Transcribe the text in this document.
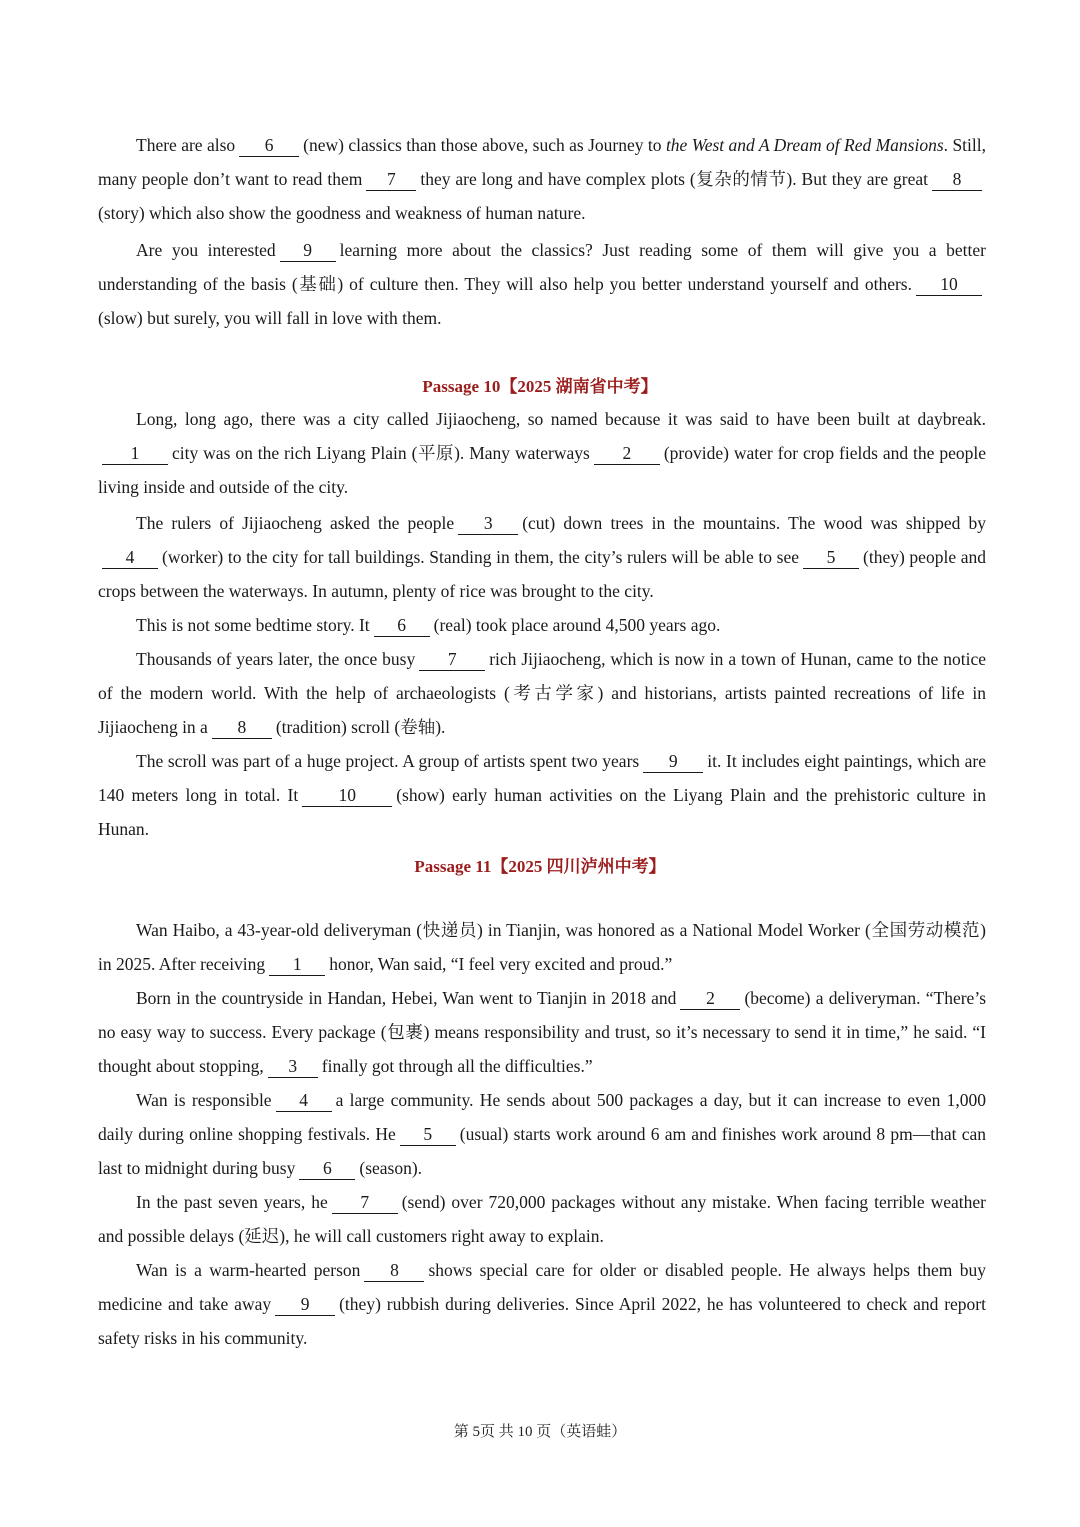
There are also 6 (new) classics than those above, such as Journey to the West and A Dream of Red Mansions. Still, many people don’t want to read them 7 they are long and have complex plots (复杂的情节). But they are great 8(story) which also show the goodness and weakness of human nature.

Are you interested 9 learning more about the classics? Just reading some of them will give you a better understanding of the basis (基础) of culture then. They will also help you better understand yourself and others. 10(slow) but surely, you will fall in love with them.

Passage 10【2025 湖南省中考】

Long, long ago, there was a city called Jijiaocheng, so named because it was said to have been built at daybreak.1 city was on the rich Liyang Plain (平原). Many waterways 2 (provide) water for crop fields and the people living inside and outside of the city.

The rulers of Jijiaocheng asked the people 3 (cut) down trees in the mountains. The wood was shipped by4 (worker) to the city for tall buildings. Standing in them, the city’s rulers will be able to see 5 (they) people and crops between the waterways. In autumn, plenty of rice was brought to the city.

This is not some bedtime story. It 6 (real) took place around 4,500 years ago.

Thousands of years later, the once busy 7 rich Jijiaocheng, which is now in a town of Hunan, came to the notice of the modern world. With the help of archaeologists (考古学家) and historians, artists painted recreations of life in Jijiaocheng in a 8 (tradition) scroll (卷轴).

The scroll was part of a huge project. A group of artists spent two years 9 it. It includes eight paintings, which are 140 meters long in total. It 10 (show) early human activities on the Liyang Plain and the prehistoric culture in Hunan.

Passage 11【2025 四川泸州中考】

Wan Haibo, a 43-year-old deliveryman (快递员) in Tianjin, was honored as a National Model Worker (全国劳动模范) in 2025. After receiving 1 honor, Wan said, “I feel very excited and proud.”

Born in the countryside in Handan, Hebei, Wan went to Tianjin in 2018 and 2 (become) a deliveryman. “There’s no easy way to success. Every package (包裹) means responsibility and trust, so it’s necessary to send it in time,” he said. “I thought about stopping, 3 finally got through all the difficulties.”

Wan is responsible 4 a large community. He sends about 500 packages a day, but it can increase to even 1,000 daily during online shopping festivals. He 5 (usual) starts work around 6 am and finishes work around 8 pm—that can last to midnight during busy 6 (season).

In the past seven years, he 7 (send) over 720,000 packages without any mistake. When facing terrible weather and possible delays (延迟), he will call customers right away to explain.

Wan is a warm-hearted person 8 shows special care for older or disabled people. He always helps them buy medicine and take away 9 (they) rubbish during deliveries. Since April 2022, he has volunteered to check and report safety risks in his community.

第 5页 共 10 页（英语蛙）
